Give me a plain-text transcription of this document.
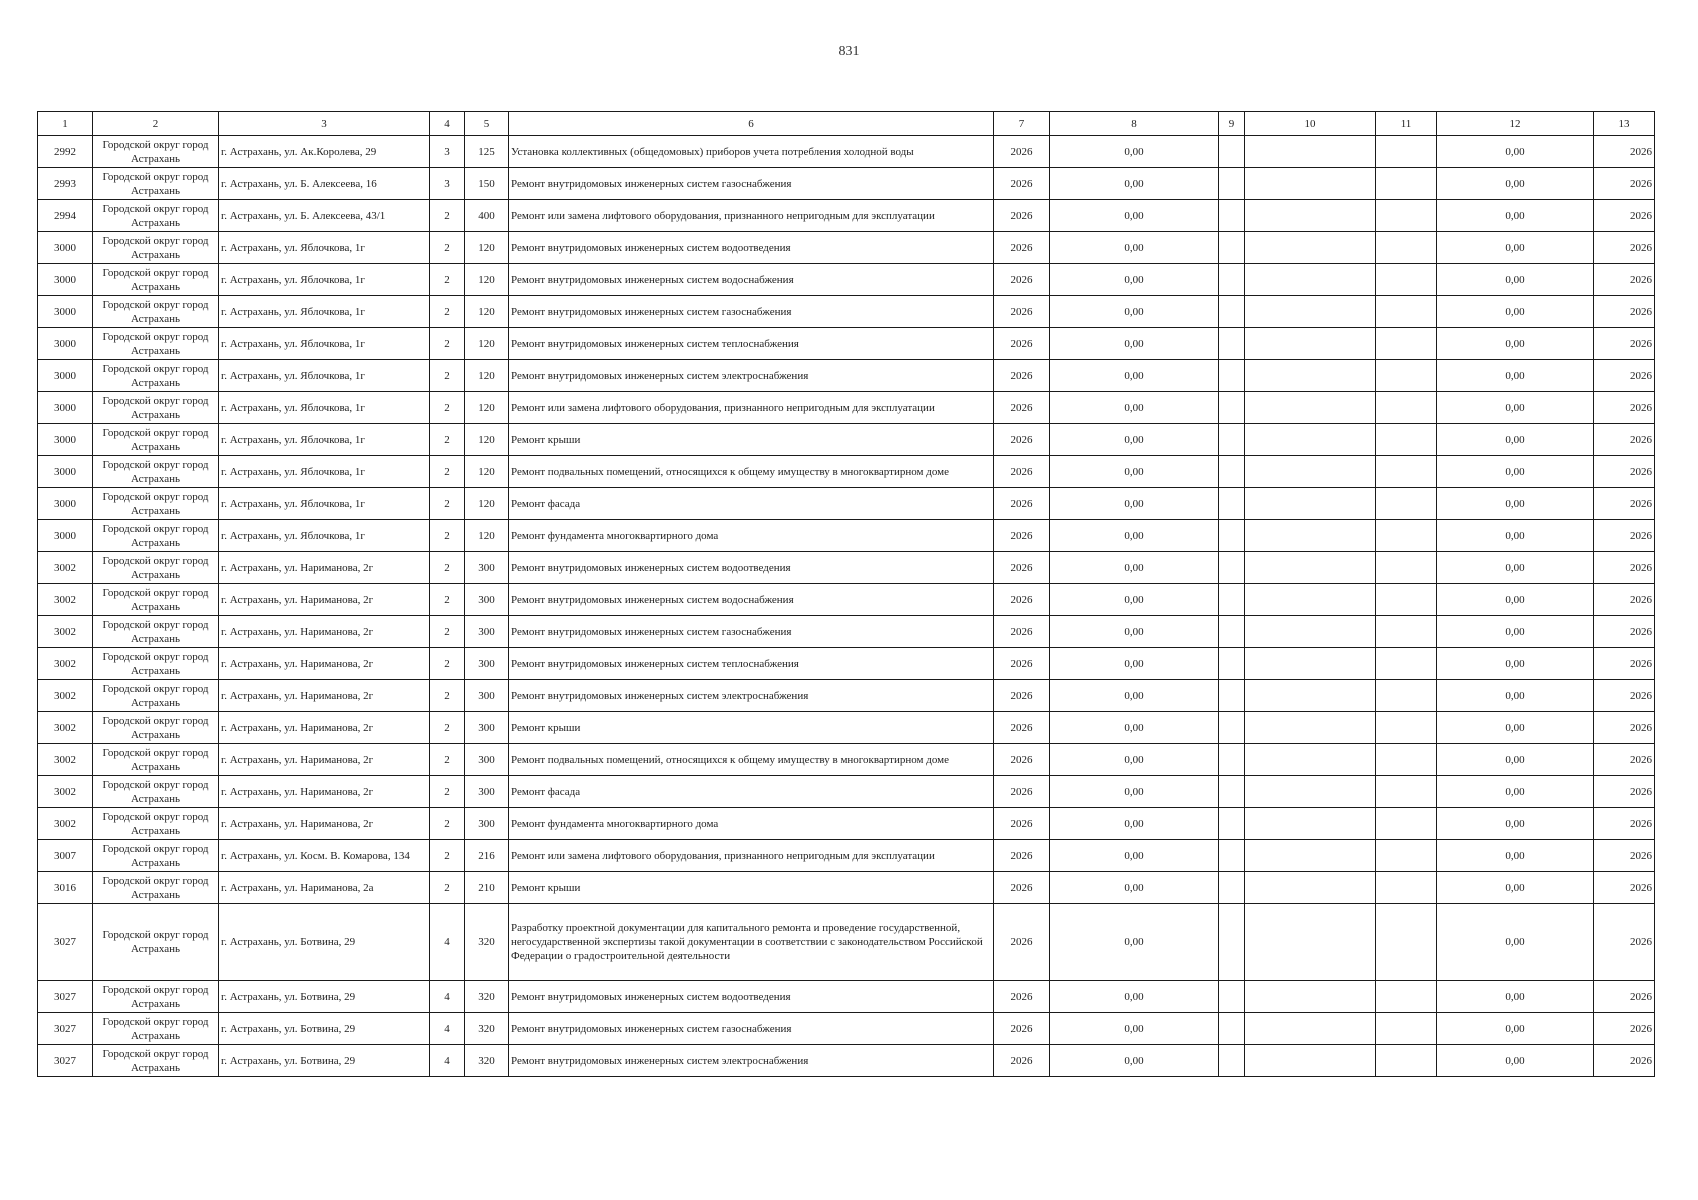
831
1	2	3	4	5	6	7	8	9	10	11	12	13
2992	Городской округ город Астрахань	г. Астрахань, ул. Ак.Королева, 29	3	125	Установка коллективных (общедомовых) приборов учета потребления холодной воды	2026	0,00				0,00	2026
2993	Городской округ город Астрахань	г. Астрахань, ул. Б. Алексеева, 16	3	150	Ремонт внутридомовых инженерных систем газоснабжения	2026	0,00				0,00	2026
2994	Городской округ город Астрахань	г. Астрахань, ул. Б. Алексеева, 43/1	2	400	Ремонт или замена лифтового оборудования, признанного непригодным для эксплуатации	2026	0,00				0,00	2026
3000	Городской округ город Астрахань	г. Астрахань, ул. Яблочкова, 1г	2	120	Ремонт внутридомовых инженерных систем водоотведения	2026	0,00				0,00	2026
3000	Городской округ город Астрахань	г. Астрахань, ул. Яблочкова, 1г	2	120	Ремонт внутридомовых инженерных систем водоснабжения	2026	0,00				0,00	2026
3000	Городской округ город Астрахань	г. Астрахань, ул. Яблочкова, 1г	2	120	Ремонт внутридомовых инженерных систем газоснабжения	2026	0,00				0,00	2026
3000	Городской округ город Астрахань	г. Астрахань, ул. Яблочкова, 1г	2	120	Ремонт внутридомовых инженерных систем теплоснабжения	2026	0,00				0,00	2026
3000	Городской округ город Астрахань	г. Астрахань, ул. Яблочкова, 1г	2	120	Ремонт внутридомовых инженерных систем электроснабжения	2026	0,00				0,00	2026
3000	Городской округ город Астрахань	г. Астрахань, ул. Яблочкова, 1г	2	120	Ремонт или замена лифтового оборудования, признанного непригодным для эксплуатации	2026	0,00				0,00	2026
3000	Городской округ город Астрахань	г. Астрахань, ул. Яблочкова, 1г	2	120	Ремонт крыши	2026	0,00				0,00	2026
3000	Городской округ город Астрахань	г. Астрахань, ул. Яблочкова, 1г	2	120	Ремонт подвальных помещений, относящихся к общему имуществу в многоквартирном доме	2026	0,00				0,00	2026
3000	Городской округ город Астрахань	г. Астрахань, ул. Яблочкова, 1г	2	120	Ремонт фасада	2026	0,00				0,00	2026
3000	Городской округ город Астрахань	г. Астрахань, ул. Яблочкова, 1г	2	120	Ремонт фундамента многоквартирного дома	2026	0,00				0,00	2026
3002	Городской округ город Астрахань	г. Астрахань, ул. Нариманова, 2г	2	300	Ремонт внутридомовых инженерных систем водоотведения	2026	0,00				0,00	2026
3002	Городской округ город Астрахань	г. Астрахань, ул. Нариманова, 2г	2	300	Ремонт внутридомовых инженерных систем водоснабжения	2026	0,00				0,00	2026
3002	Городской округ город Астрахань	г. Астрахань, ул. Нариманова, 2г	2	300	Ремонт внутридомовых инженерных систем газоснабжения	2026	0,00				0,00	2026
3002	Городской округ город Астрахань	г. Астрахань, ул. Нариманова, 2г	2	300	Ремонт внутридомовых инженерных систем теплоснабжения	2026	0,00				0,00	2026
3002	Городской округ город Астрахань	г. Астрахань, ул. Нариманова, 2г	2	300	Ремонт внутридомовых инженерных систем электроснабжения	2026	0,00				0,00	2026
3002	Городской округ город Астрахань	г. Астрахань, ул. Нариманова, 2г	2	300	Ремонт крыши	2026	0,00				0,00	2026
3002	Городской округ город Астрахань	г. Астрахань, ул. Нариманова, 2г	2	300	Ремонт подвальных помещений, относящихся к общему имуществу в многоквартирном доме	2026	0,00				0,00	2026
3002	Городской округ город Астрахань	г. Астрахань, ул. Нариманова, 2г	2	300	Ремонт фасада	2026	0,00				0,00	2026
3002	Городской округ город Астрахань	г. Астрахань, ул. Нариманова, 2г	2	300	Ремонт фундамента многоквартирного дома	2026	0,00				0,00	2026
3007	Городской округ город Астрахань	г. Астрахань, ул. Косм. В. Комарова, 134	2	216	Ремонт или замена лифтового оборудования, признанного непригодным для эксплуатации	2026	0,00				0,00	2026
3016	Городской округ город Астрахань	г. Астрахань, ул. Нариманова, 2а	2	210	Ремонт крыши	2026	0,00				0,00	2026
3027	Городской округ город Астрахань	г. Астрахань, ул. Ботвина, 29	4	320	Разработку проектной документации для капитального ремонта и проведение государственной, негосударственной экспертизы такой документации в соответствии с законодательством Российской Федерации о градостроительной деятельности	2026	0,00				0,00	2026
3027	Городской округ город Астрахань	г. Астрахань, ул. Ботвина, 29	4	320	Ремонт внутридомовых инженерных систем водоотведения	2026	0,00				0,00	2026
3027	Городской округ город Астрахань	г. Астрахань, ул. Ботвина, 29	4	320	Ремонт внутридомовых инженерных систем газоснабжения	2026	0,00				0,00	2026
3027	Городской округ город Астрахань	г. Астрахань, ул. Ботвина, 29	4	320	Ремонт внутридомовых инженерных систем электроснабжения	2026	0,00				0,00	2026
